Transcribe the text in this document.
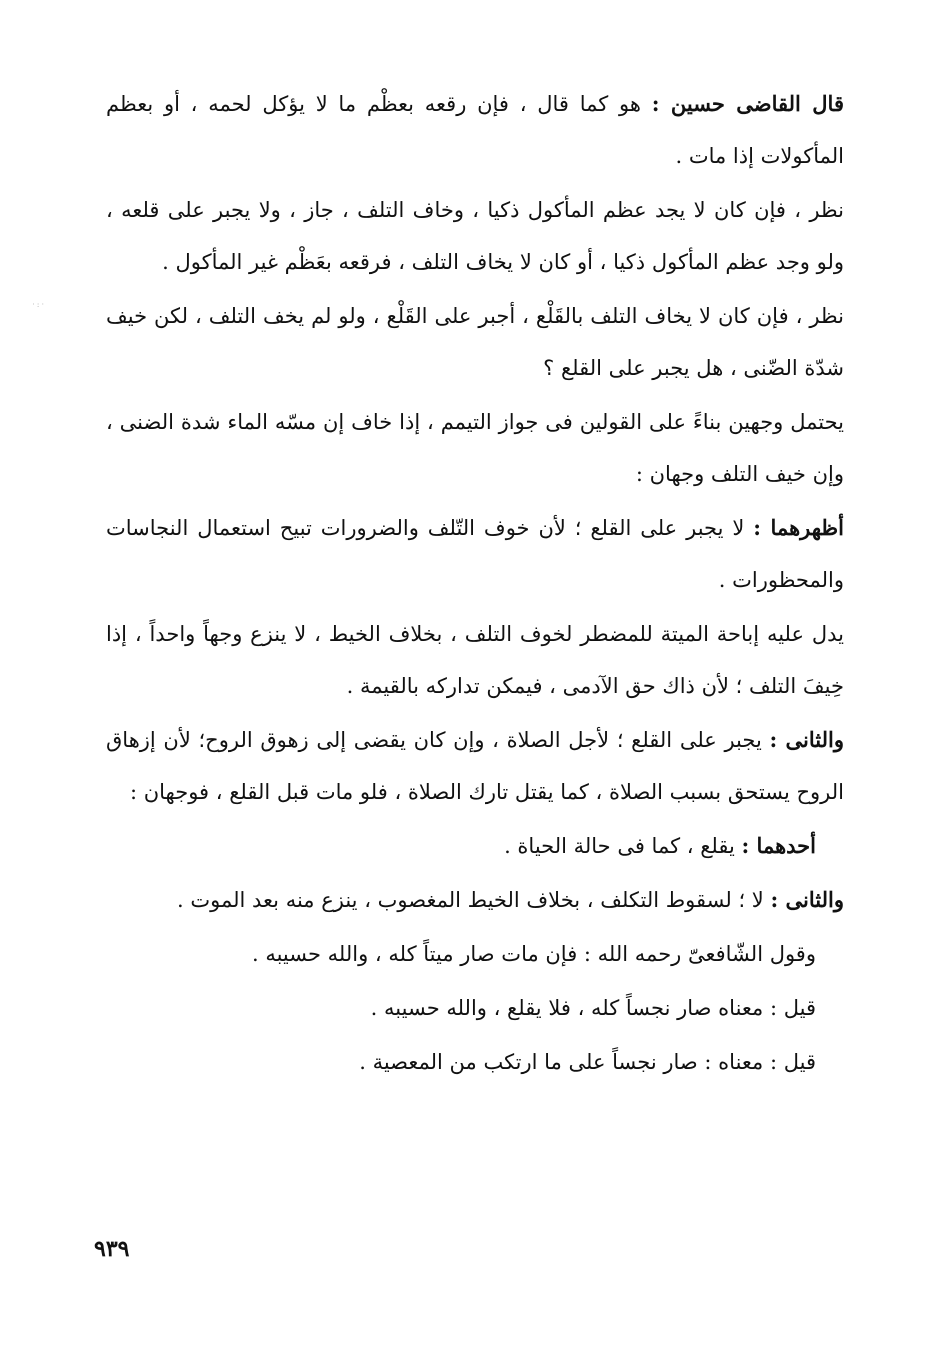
·:·

قال القاضى حسين : هو كما قال ، فإن رقعه بعظْم ما لا يؤكل لحمه ، أو بعظم المأكولات إذا مات .

نظر ، فإن كان لا يجد عظم المأكول ذكيا ، وخاف التلف ، جاز ، ولا يجبر على قلعه ، ولو وجد عظم المأكول ذكيا ، أو كان لا يخاف التلف ، فرقعه بعَظْم غير المأكول .

نظر ، فإن كان لا يخاف التلف بالقَلْع ، أجبر على القَلْع ، ولو لم يخف التلف ، لكن خيف شدّة الضّنى ، هل يجبر على القلع ؟

يحتمل وجهين بناءً على القولين فى جواز التيمم ، إذا خاف إن مسّه الماء شدة الضنى ، وإن خيف التلف وجهان :

أظهرهما : لا يجبر على القلع ؛ لأن خوف التّلف والضرورات تبيح استعمال النجاسات والمحظورات .

يدل عليه إباحة الميتة للمضطر لخوف التلف ، بخلاف الخيط ، لا ينزع وجهاً واحداً ، إذا خِيفَ التلف ؛ لأن ذاك حق الآدمى ، فيمكن تداركه بالقيمة .

والثانى : يجبر على القلع ؛ لأجل الصلاة ، وإن كان يقضى إلى زهوق الروح؛ لأن إزهاق الروح يستحق بسبب الصلاة ، كما يقتل تارك الصلاة ، فلو مات قبل القلع ، فوجهان :

أحدهما : يقلع ، كما فى حالة الحياة .

والثانى : لا ؛ لسقوط التكلف ، بخلاف الخيط المغصوب ، ينزع منه بعد الموت .

وقول الشّافعىّ رحمه الله : فإن مات صار ميتاً كله ، والله حسيبه .

قيل : معناه صار نجساً كله ، فلا يقلع ، والله حسيبه .

قيل : معناه : صار نجساً على ما ارتكب من المعصية .

٩٣٩
